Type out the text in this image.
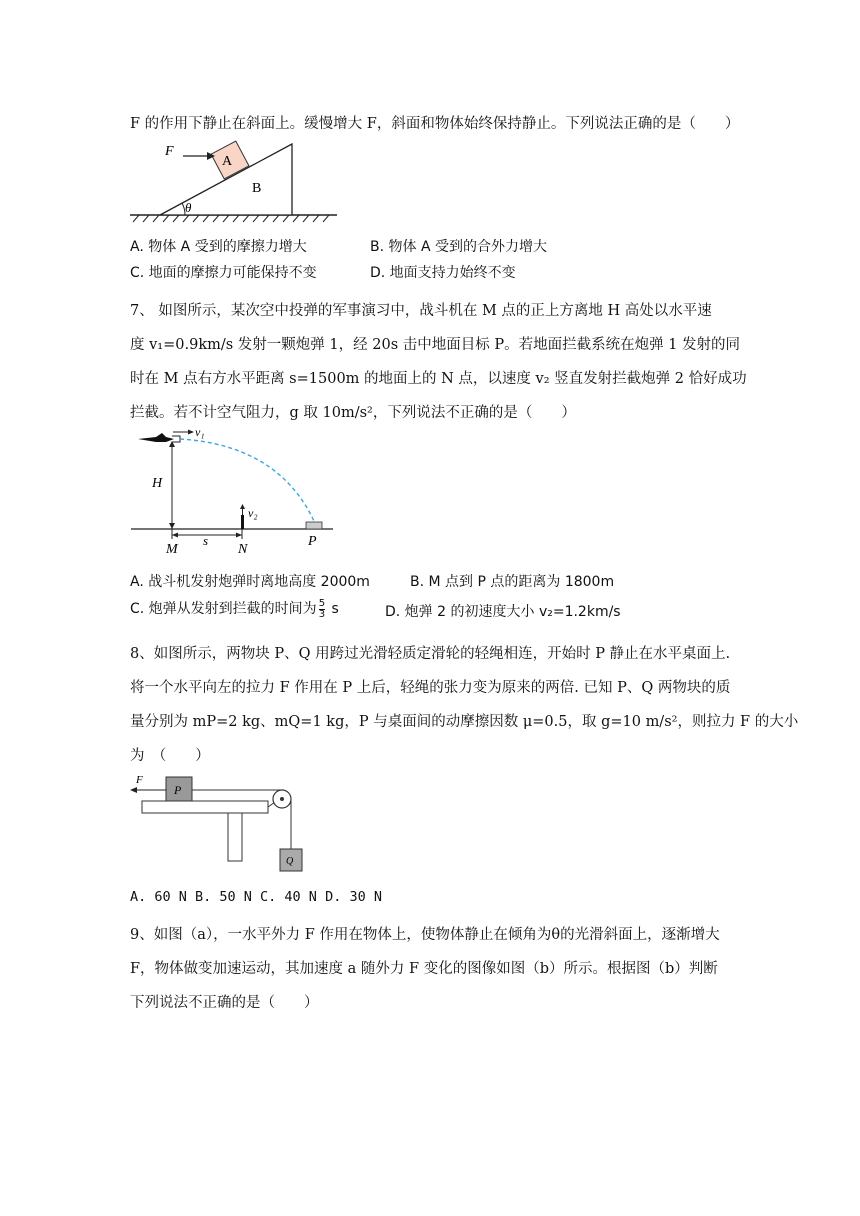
F 的作用下静止在斜面上。缓慢增大 F，斜面和物体始终保持静止。下列说法正确的是（　　）
θ
A
B
F
A. 物体 A 受到的摩擦力增大	B. 物体 A 受到的合外力增大
C. 地面的摩擦力可能保持不变	D. 地面支持力始终不变
7、 如图所示，某次空中投弹的军事演习中，战斗机在 M 点的正上方离地 H 高处以水平速
度 v₁=0.9km/s 发射一颗炮弹 1，经 20s 击中地面目标 P。若地面拦截系统在炮弹 1 发射的同
时在 M 点右方水平距离 s=1500m 的地面上的 N 点，以速度 v₂ 竖直发射拦截炮弹 2 恰好成功
拦截。若不计空气阻力，g 取 10m/s²，下列说法不正确的是（　　）
v₁
H
v₂
s
M	N
P
A. 战斗机发射炮弹时离地高度 2000m	B. M 点到 P 点的距离为 1800m
C. 炮弹从发射到拦截的时间为 $\frac{5}{3}$ s	D. 炮弹 2 的初速度大小 v₂=1.2km/s
8、如图所示，两物块 P、Q 用跨过光滑轻质定滑轮的轻绳相连，开始时 P 静止在水平桌面上.
将一个水平向左的拉力 F 作用在 P 上后，轻绳的张力变为原来的两倍. 已知 P、Q 两物块的质
量分别为 mP=2 kg、mQ=1 kg，P 与桌面间的动摩擦因数 μ=0.5，取 g=10 m/s²，则拉力 F 的大小
为　（　　）
P
F
Q
A. 60 N B. 50 N C. 40 N D. 30 N
9、如图（a），一水平外力 F 作用在物体上，使物体静止在倾角为θ的光滑斜面上，逐渐增大
F，物体做变加速运动，其加速度 a 随外力 F 变化的图像如图（b）所示。根据图（b）判断
下列说法不正确的是（　　）
